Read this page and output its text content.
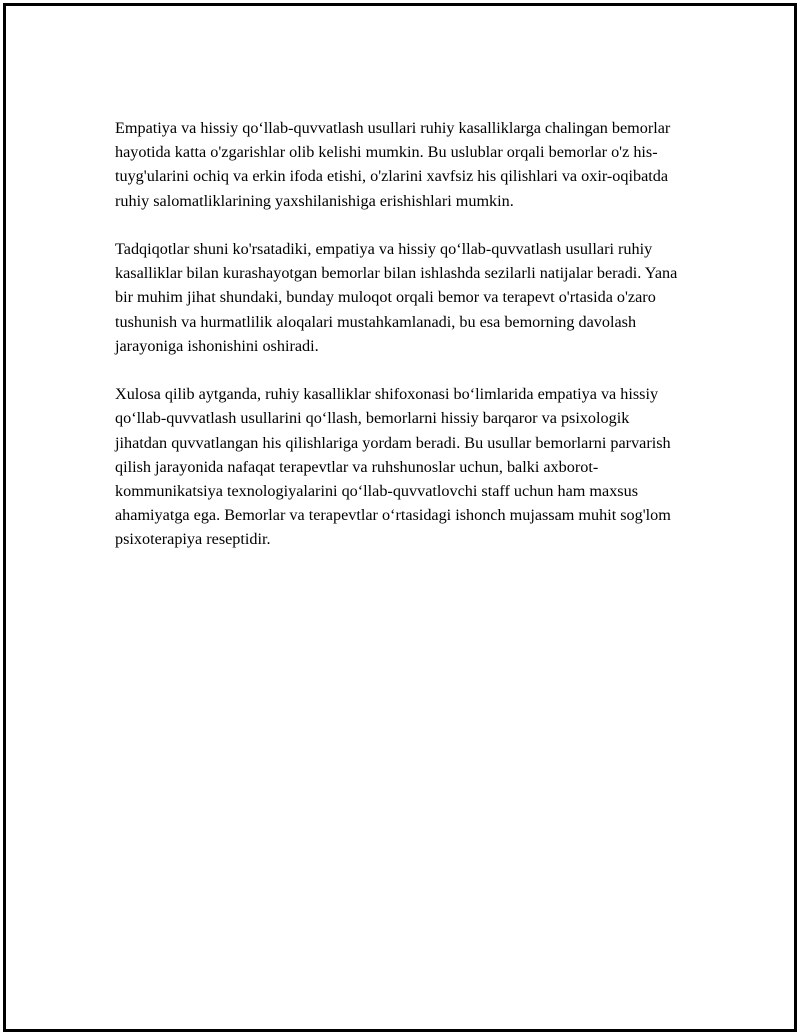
Empatiya va hissiy qo‘llab-quvvatlash usullari ruhiy kasalliklarga chalingan bemorlar hayotida katta o'zgarishlar olib kelishi mumkin. Bu uslublar orqali bemorlar o'z his-tuyg'ularini ochiq va erkin ifoda etishi, o'zlarini xavfsiz his qilishlari va oxir-oqibatda ruhiy salomatliklarining yaxshilanishiga erishishlari mumkin.

Tadqiqotlar shuni ko'rsatadiki, empatiya va hissiy qo‘llab-quvvatlash usullari ruhiy kasalliklar bilan kurashayotgan bemorlar bilan ishlashda sezilarli natijalar beradi. Yana bir muhim jihat shundaki, bunday muloqot orqali bemor va terapevt o'rtasida o'zaro tushunish va hurmatlilik aloqalari mustahkamlanadi, bu esa bemorning davolash jarayoniga ishonishini oshiradi.

Xulosa qilib aytganda, ruhiy kasalliklar shifoxonasi bo‘limlarida empatiya va hissiy qo‘llab-quvvatlash usullarini qo‘llash, bemorlarni hissiy barqaror va psixologik jihatdan quvvatlangan his qilishlariga yordam beradi. Bu usullar bemorlarni parvarish qilish jarayonida nafaqat terapevtlar va ruhshunoslar uchun, balki axborot-kommunikatsiya texnologiyalarini qo‘llab-quvvatlovchi staff uchun ham maxsus ahamiyatga ega. Bemorlar va terapevtlar o‘rtasidagi ishonch mujassam muhit sog'lom psixoterapiya reseptidir.
